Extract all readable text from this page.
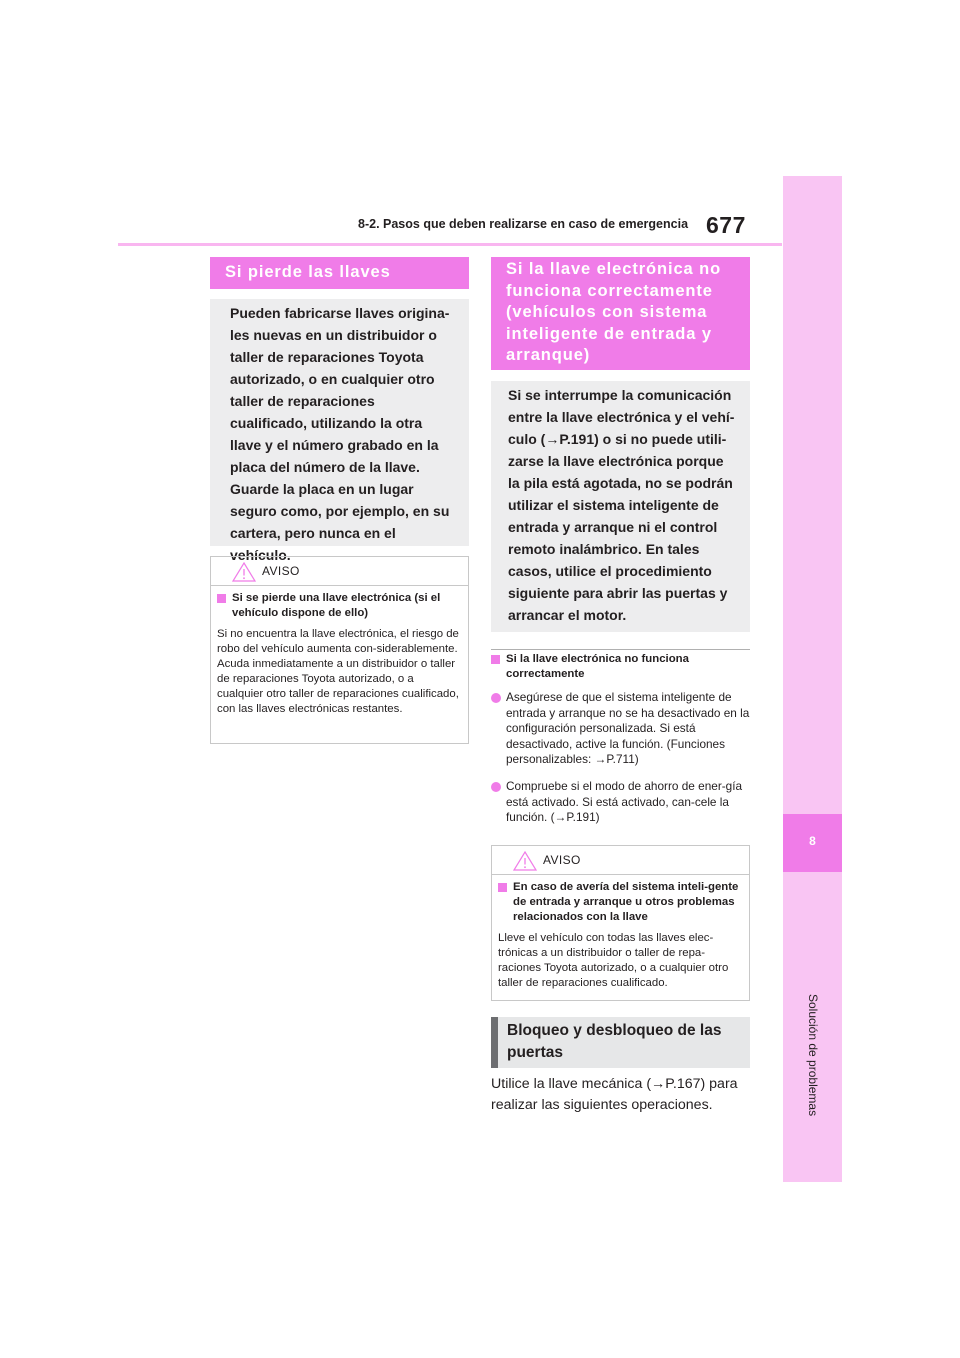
8-2. Pasos que deben realizarse en caso de emergencia 677
8
Solución de problemas
Si pierde las llaves
Pueden fabricarse llaves origina-les nuevas en un distribuidor o taller de reparaciones Toyota autorizado, o en cualquier otro taller de reparaciones cualificado, utilizando la otra llave y el número grabado en la placa del número de la llave. Guarde la placa en un lugar seguro como, por ejemplo, en su cartera, pero nunca en el vehículo.
AVISO
Si se pierde una llave electrónica (si el vehículo dispone de ello)
Si no encuentra la llave electrónica, el riesgo de robo del vehículo aumenta con-siderablemente. Acuda inmediatamente a un distribuidor o taller de reparaciones Toyota autorizado, o a cualquier otro taller de reparaciones cualificado, con las llaves electrónicas restantes.
Si la llave electrónica no funciona correctamente (vehículos con sistema inteligente de entrada y arranque)
Si se interrumpe la comunicación entre la llave electrónica y el vehí-culo (→P.191) o si no puede utili-zarse la llave electrónica porque la pila está agotada, no se podrán utilizar el sistema inteligente de entrada y arranque ni el control remoto inalámbrico. En tales casos, utilice el procedimiento siguiente para abrir las puertas y arrancar el motor.
Si la llave electrónica no funciona correctamente
Asegúrese de que el sistema inteligente de entrada y arranque no se ha desactivado en la configuración personalizada. Si está desactivado, active la función. (Funciones personalizables: →P.711)
Compruebe si el modo de ahorro de ener-gía está activado. Si está activado, can-cele la función. (→P.191)
AVISO
En caso de avería del sistema inteli-gente de entrada y arranque u otros problemas relacionados con la llave
Lleve el vehículo con todas las llaves elec-trónicas a un distribuidor o taller de repa-raciones Toyota autorizado, o a cualquier otro taller de reparaciones cualificado.
Bloqueo y desbloqueo de las puertas
Utilice la llave mecánica (→P.167) para realizar las siguientes operaciones.
